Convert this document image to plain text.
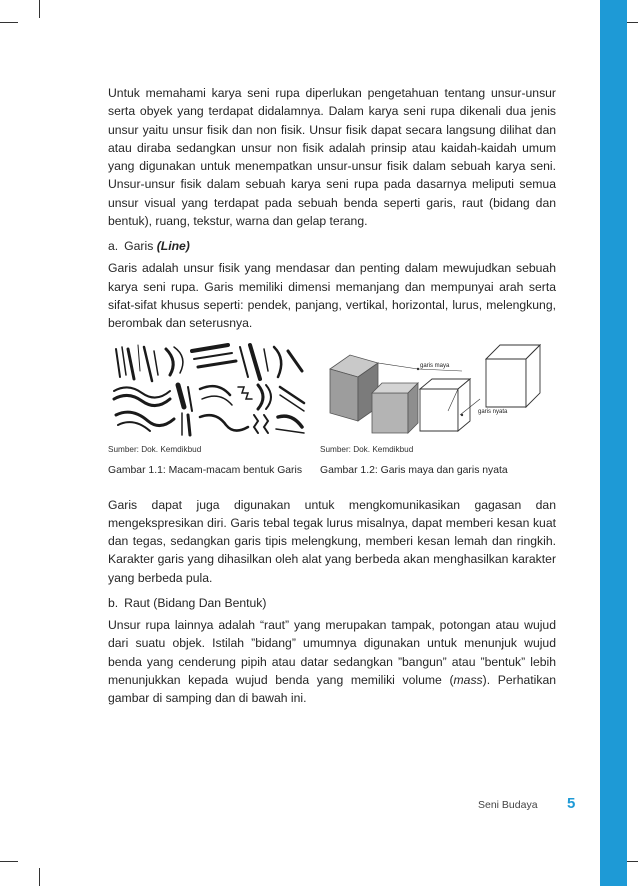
Untuk memahami karya seni rupa diperlukan pengetahuan tentang unsur-unsur serta obyek yang terdapat didalamnya. Dalam karya seni rupa dikenali dua jenis unsur yaitu unsur fisik dan non fisik. Unsur fisik dapat secara langsung dilihat dan atau diraba sedangkan unsur non fisik adalah prinsip atau kaidah-kaidah umum yang digunakan untuk menempatkan unsur-unsur fisik dalam sebuah karya seni. Unsur-unsur fisik dalam sebuah karya seni rupa pada dasarnya meliputi semua unsur visual yang terdapat pada sebuah benda seperti garis, raut (bidang dan bentuk), ruang, tekstur, warna dan gelap terang.

a. Garis (Line)

Garis adalah unsur fisik yang mendasar dan penting dalam mewujudkan sebuah karya seni rupa. Garis memiliki dimensi memanjang dan mempunyai arah serta sifat-sifat khusus seperti: pendek, panjang, vertikal, horizontal, lurus, melengkung, berombak dan seterusnya.

garis maya
garis nyata
Sumber: Dok. Kemdikbud	Sumber: Dok. Kemdikbud
Gambar 1.1: Macam-macam bentuk Garis Gambar 1.2: Garis maya dan garis nyata

Garis dapat juga digunakan untuk mengkomunikasikan gagasan dan mengekspresikan diri. Garis tebal tegak lurus misalnya, dapat memberi kesan kuat dan tegas, sedangkan garis tipis melengkung, memberi kesan lemah dan ringkih. Karakter garis yang dihasilkan oleh alat yang berbeda akan menghasilkan karakter yang berbeda pula.

b. Raut (Bidang Dan Bentuk)

Unsur rupa lainnya adalah “raut” yang merupakan tampak, potongan atau wujud dari suatu objek. Istilah ”bidang” umumnya digunakan untuk menunjuk wujud benda yang cenderung pipih atau datar sedangkan ”bangun” atau ”bentuk” lebih menunjukkan kepada wujud benda yang memiliki volume (mass). Perhatikan gambar di samping dan di bawah ini.

Seni Budaya 5
